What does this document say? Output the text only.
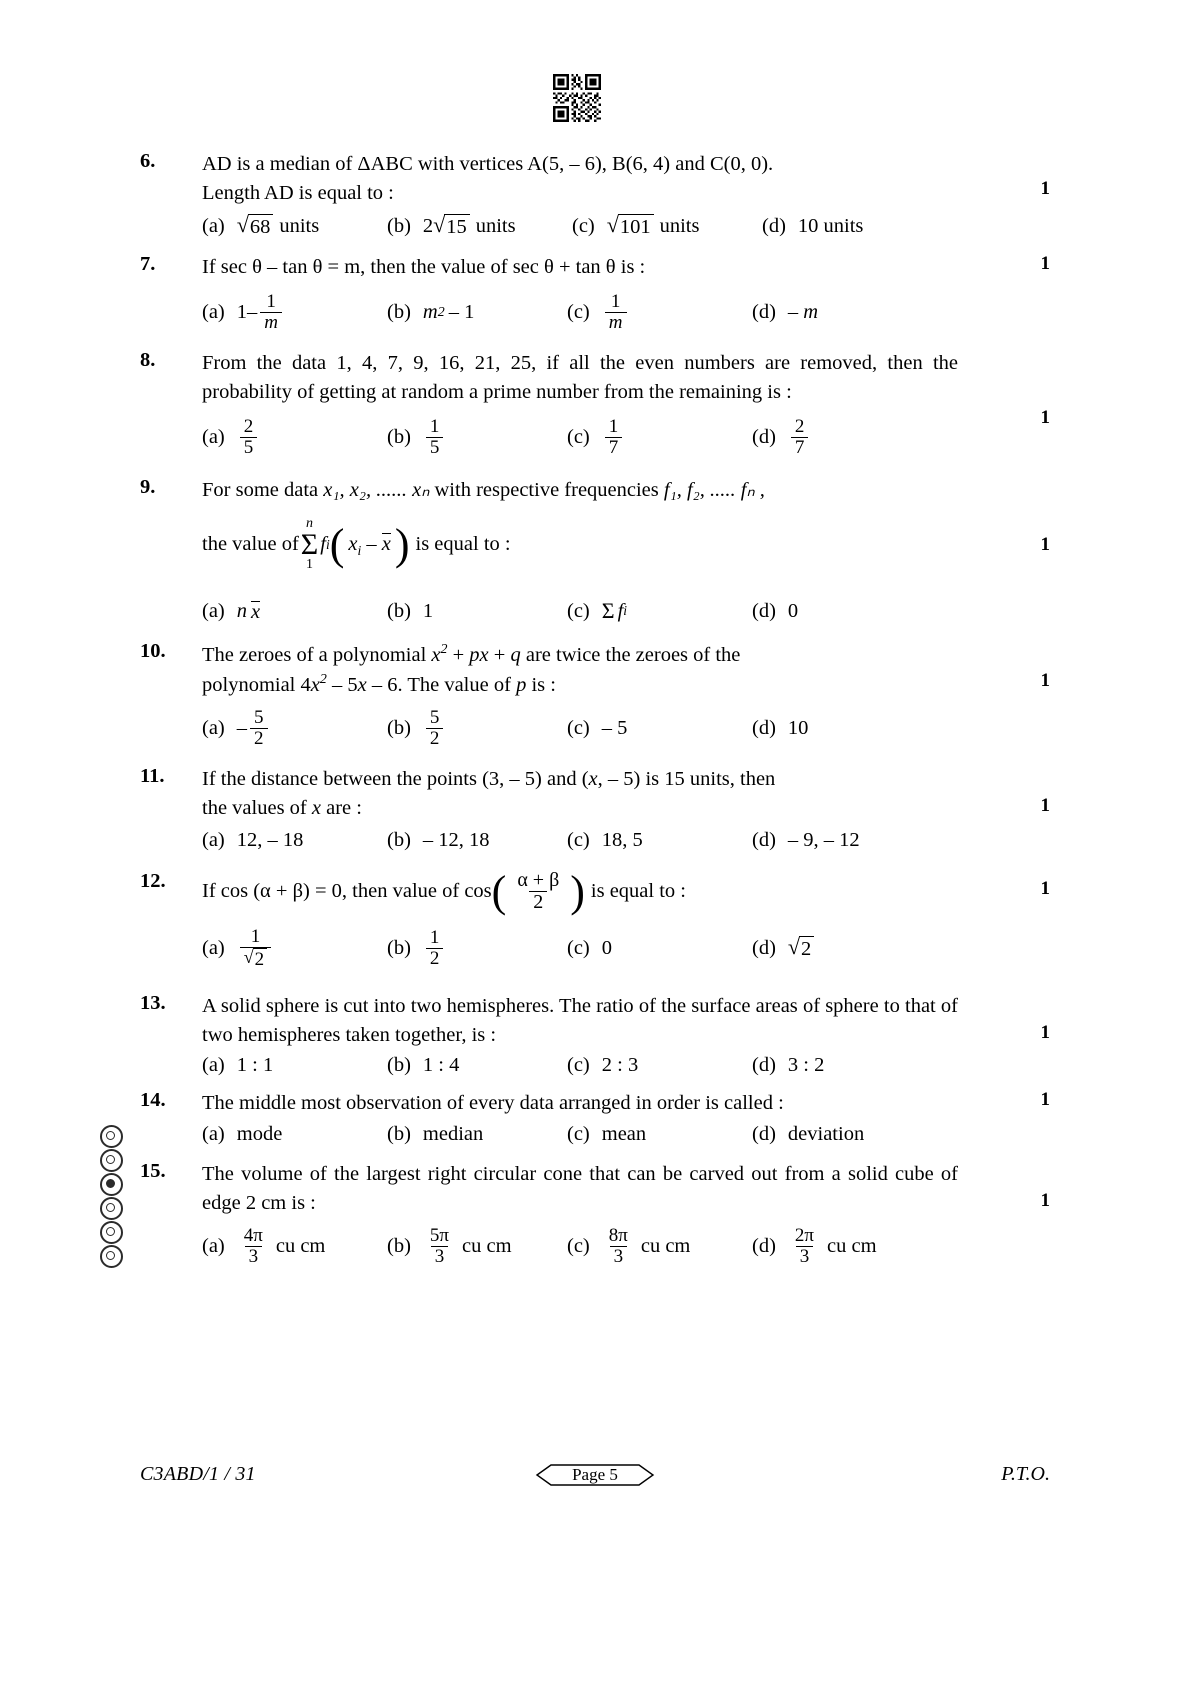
6.	AD is a median of ΔABC with vertices A(5, – 6), B(6, 4) and C(0, 0).
Length AD is equal to :	1
(a) √ 68 units	(b) 2 √ 15 units	(c) √ 101 units	(d) 10 units
7.	If sec θ – tan θ = m, then the value of sec θ + tan θ is :	1
(a) $1- \frac{1}{m}$	(b) m 2 – 1	$(c) \frac{1}{m}$	(d) – m
8.	From the data 1, 4, 7, 9, 16, 21, 25, if all the even numbers are removed, then the probability of getting at random a prime number from the remaining is :
1
$(a) \frac{2}{5}$	$(b) \frac{1}{5}$	$(c) \frac{1}{7}$	$(d) \frac{2}{7}$
9.	For some data x₁, x₂, ...... xₙ with respective frequencies f₁, f₂, ..... fₙ ,
the value of
n
Σ
1
f i ( $x_i$ – x ) is equal to :	1
(a) n x	(b) 1	(c) Σ f i	(d) 0
10.	The zeroes of a polynomial $x^2$ + px + q are twice the zeroes of the
polynomial $4x^2 - 5x - 6$. The value of p is :	1
$(a) - \frac{5}{2}$	$(b) \frac{5}{2}$	(c) – 5	(d) 10
11.	If the distance between the points (3, – 5) and (x, – 5) is 15 units, then
the values of x are :	1
(a) 12, – 18	(b) – 12, 18	(c) 18, 5	(d) – 9, – 12
12.	If cos (α + β) = 0, then value of cos ( $\frac{\alpha + \beta}{2}$ ) is equal to :	1
$(a) \frac{1}{√ 2}$	$(b) \frac{1}{2}$	(c) 0	(d) √ 2
13.	A solid sphere is cut into two hemispheres. The ratio of the surface areas of sphere to that of two hemispheres taken together, is :	1
(a) 1 : 1	(b) 1 : 4	(c) 2 : 3	(d) 3 : 2
14.	The middle most observation of every data arranged in order is called :	1
(a) mode	(b) median	(c) mean	(d) deviation
15.	The volume of the largest right circular cone that can be carved out from a solid cube of edge 2 cm is :	1
$(a) \frac{4\pi}{3}$ cu cm	$(b) \frac{5\pi}{3}$ cu cm	$(c) \frac{8\pi}{3}$ cu cm	$(d) \frac{2\pi}{3}$ cu cm
C3ABD/1 / 31	Page 5	P.T.O.
